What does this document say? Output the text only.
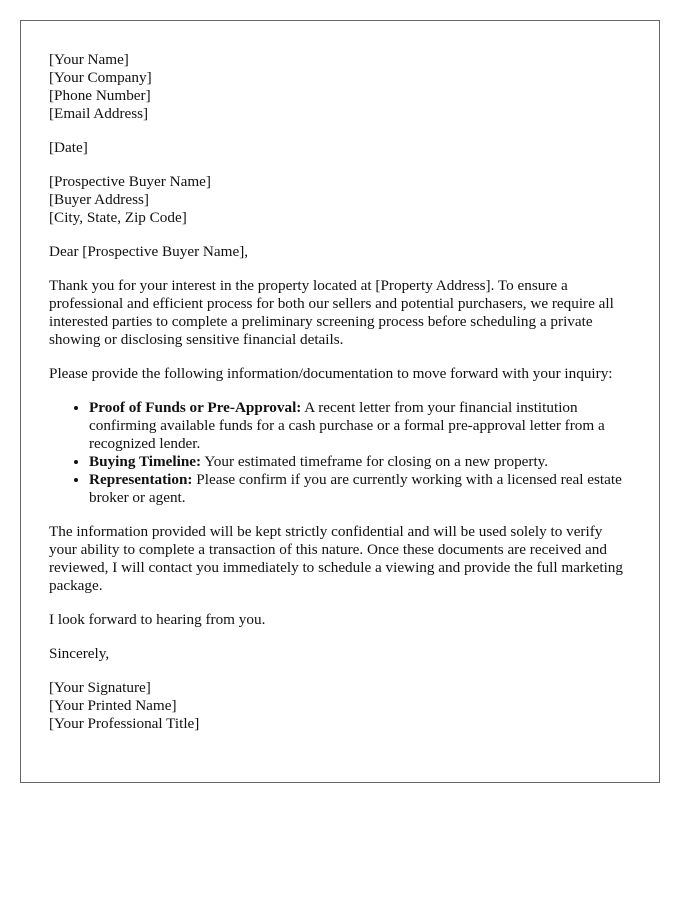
[Your Name]
[Your Company]
[Phone Number]
[Email Address]
[Date]
[Prospective Buyer Name]
[Buyer Address]
[City, State, Zip Code]

Dear [Prospective Buyer Name],

Thank you for your interest in the property located at [Property Address]. To ensure a professional and efficient process for both our sellers and potential purchasers, we require all interested parties to complete a preliminary screening process before scheduling a private showing or disclosing sensitive financial details.

Please provide the following information/documentation to move forward with your inquiry:

• Proof of Funds or Pre-Approval: A recent letter from your financial institution confirming available funds for a cash purchase or a formal pre-approval letter from a recognized lender.
• Buying Timeline: Your estimated timeframe for closing on a new property.
• Representation: Please confirm if you are currently working with a licensed real estate broker or agent.

The information provided will be kept strictly confidential and will be used solely to verify your ability to complete a transaction of this nature. Once these documents are received and reviewed, I will contact you immediately to schedule a viewing and provide the full marketing package.

I look forward to hearing from you.

Sincerely,

[Your Signature]
[Your Printed Name]
[Your Professional Title]
